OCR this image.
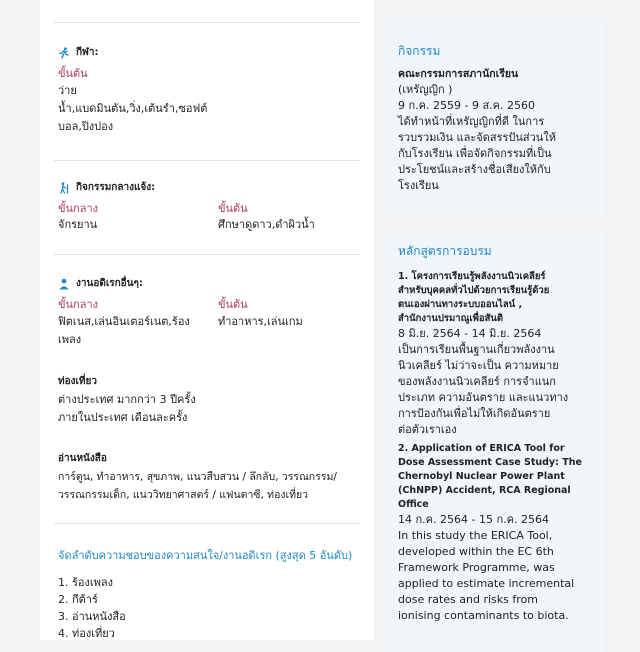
กีฬา:
ขั้นต้น
ว่าย
น้ำ,แบดมินตัน,วิ่ง,เต้นรำ,ซอฟต์
บอล,ปิงปอง
กิจกรรมกลางแจ้ง:
ขั้นกลาง
จักรยาน
ขั้นต้น
ศึกษาดูดาว,ดำผิวน้ำ
งานอดิเรกอื่นๆ:
ขั้นกลาง
ฟิตเนส,เล่นอินเตอร์เนต,ร้อง
เพลง
ขั้นต้น
ทำอาหาร,เล่นเกม
ท่องเที่ยว
ต่างประเทศ มากกว่า 3 ปีครั้ง
ภายในประเทศ เดือนละครั้ง
อ่านหนังสือ
การ์ตูน, ทำอาหาร, สุขภาพ, แนวสืบสวน / ลึกลับ, วรรณกรรม/
วรรณกรรมเด็ก, แนววิทยาศาสตร์ / แฟนตาซี, ท่องเที่ยว
จัดลำดับความชอบของความสนใจ/งานอดิเรก (สูงสุด 5 อันดับ)
1. ร้องเพลง
2. กีต้าร์
3. อ่านหนังสือ
4. ท่องเที่ยว
กิจกรรม
คณะกรรมการสภานักเรียน
(เหรัญญิก )
9 ก.ค. 2559 - 9 ส.ค. 2560
ได้ทำหน้าที่เหรัญญิกที่ดี ในการ
รวบรวมเงิน และจัดสรรปันส่วนให้
กับโรงเรียน เพื่อจัดกิจกรรมที่เป็น
ประโยชน์และสร้างชื่อเสียงให้กับ
โรงเรียน
หลักสูตรการอบรม
1. โครงการเรียนรู้พลังงานนิวเคลียร์
สำหรับบุคคลทั่วไปด้วยการเรียนรู้ด้วย
ตนเองผ่านทางระบบออนไลน์ ,
สำนักงานปรมาณูเพื่อสันติ
8 มิ.ย. 2564 - 14 มิ.ย. 2564
เป็นการเรียนพื้นฐานเกี่ยวพลังงาน
นิวเคลียร์ ไม่ว่าจะเป็น ความหมาย
ของพลังงานนิวเคลียร์ การจำแนก
ประเภท ความอันตราย และแนวทาง
การป้องกันเพื่อไม่ให้เกิดอันตราย
ต่อตัวเราเอง
2. Application of ERICA Tool for
Dose Assessment Case Study: The
Chernobyl Nuclear Power Plant
(ChNPP) Accident, RCA Regional
Office
14 ก.ค. 2564 - 15 ก.ค. 2564
In this study the ERICA Tool,
developed within the EC 6th
Framework Programme, was
applied to estimate incremental
dose rates and risks from
ionising contaminants to biota.
